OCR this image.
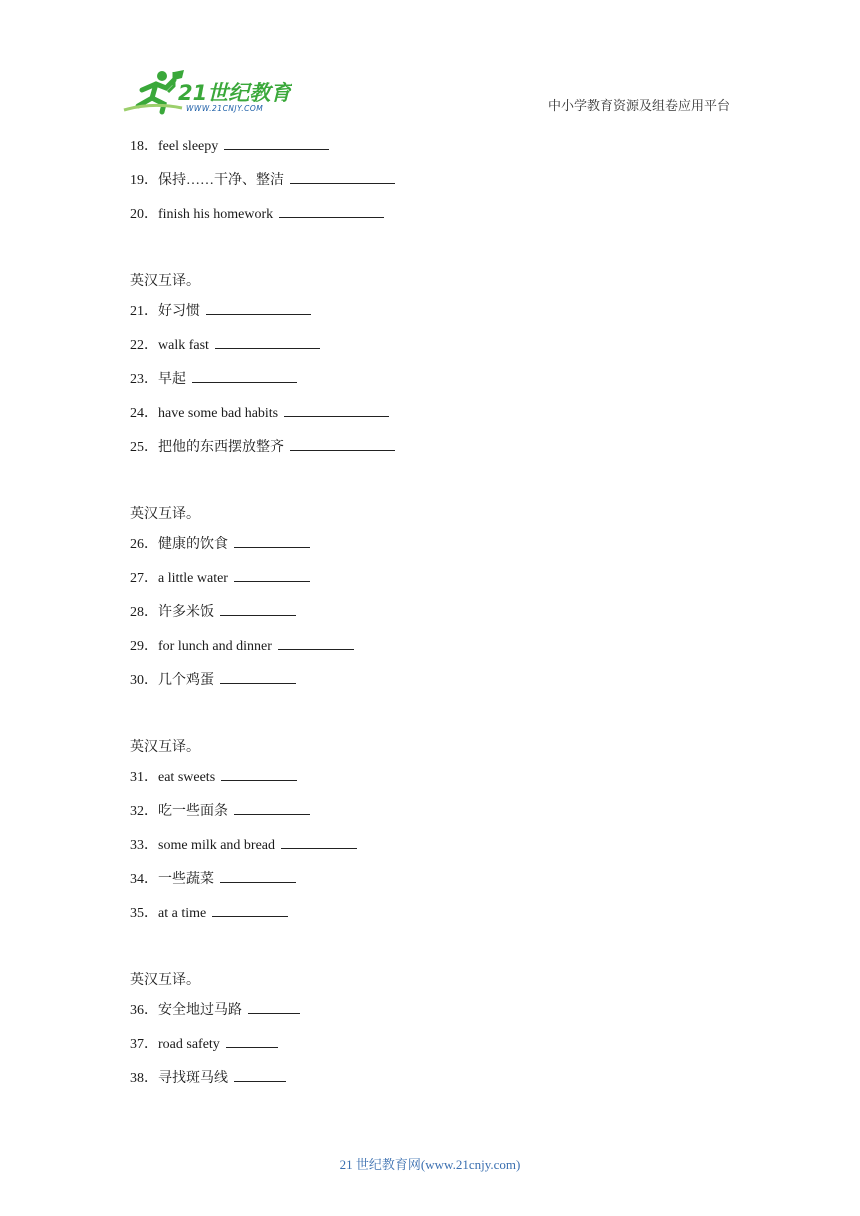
21世纪教育
WWW.21CNJY.COM	中小学教育资源及组卷应用平台
18．feel sleepy
19．保持……干净、整洁
20．finish his homework
英汉互译。
21．好习惯
22．walk fast
23．早起
24．have some bad habits
25．把他的东西摆放整齐
英汉互译。
26．健康的饮食
27．a little water
28．许多米饭
29．for lunch and dinner
30．几个鸡蛋
英汉互译。
31．eat sweets
32．吃一些面条
33．some milk and bread
34．一些蔬菜
35．at a time
英汉互译。
36．安全地过马路
37．road safety
38．寻找斑马线
21 世纪教育网(www.21cnjy.com)
